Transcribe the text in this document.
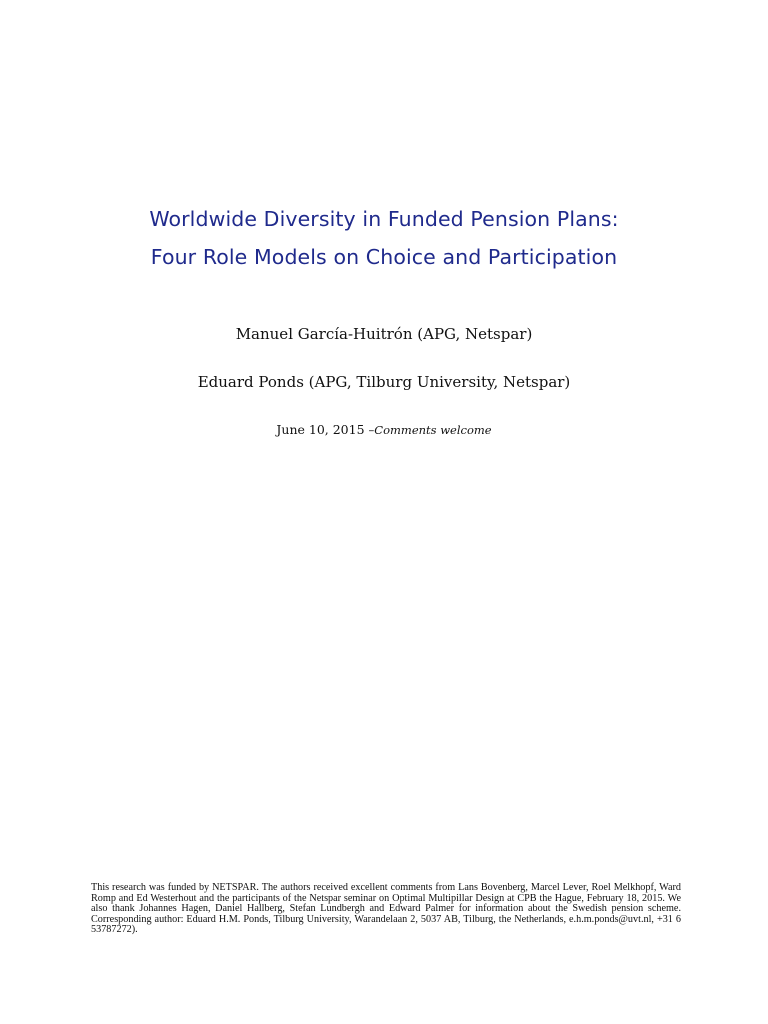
Worldwide Diversity in Funded Pension Plans:
Four Role Models on Choice and Participation
Manuel García-Huitrón (APG, Netspar)
Eduard Ponds (APG, Tilburg University, Netspar)
June 10, 2015 –Comments welcome
This research was funded by NETSPAR. The authors received excellent comments from Lans Bovenberg, Marcel Lever, Roel Melkhopf, Ward Romp and Ed Westerhout and the participants of the Netspar seminar on Optimal Multipillar Design at CPB the Hague, February 18, 2015. We also thank Johannes Hagen, Daniel Hallberg, Stefan Lundbergh and Edward Palmer for information about the Swedish pension scheme. Corresponding author: Eduard H.M. Ponds, Tilburg University, Warandelaan 2, 5037 AB, Tilburg, the Netherlands, e.h.m.ponds@uvt.nl, +31 6 53787272).
